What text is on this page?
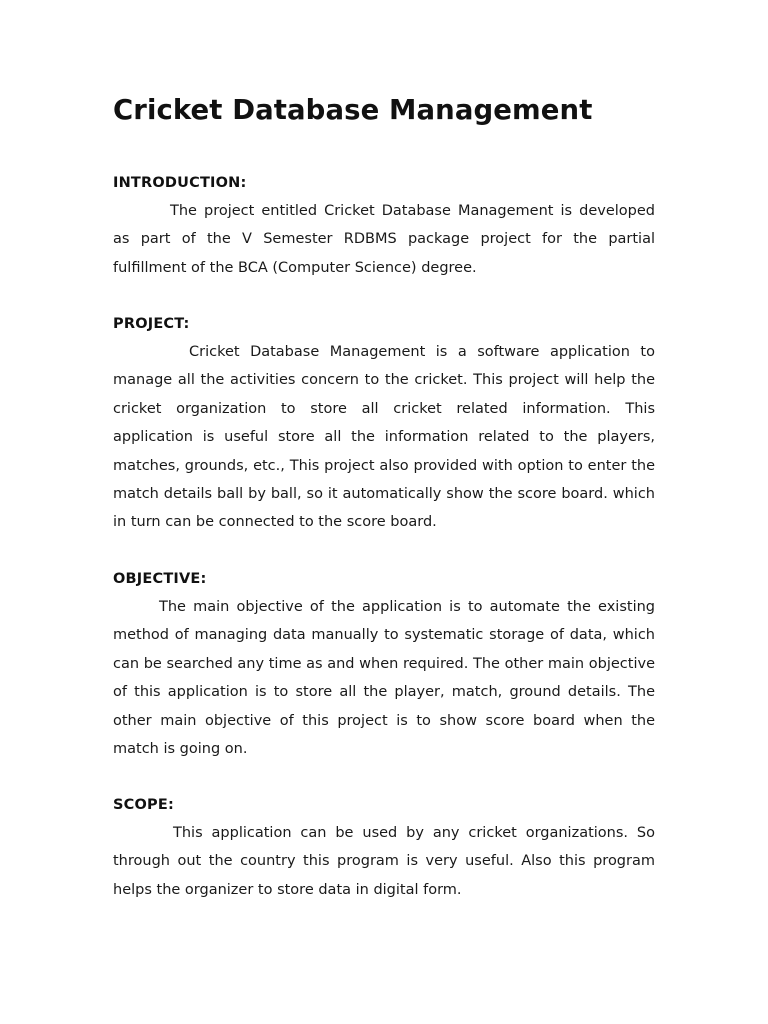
Cricket Database Management
INTRODUCTION:

The project entitled Cricket Database Management is developed as part of the V Semester RDBMS package project for the partial fulfillment of the BCA (Computer Science) degree.

PROJECT:

Cricket Database Management is a software application to manage all the activities concern to the cricket. This project will help the cricket organization to store all cricket related information. This application is useful store all the information related to the players, matches, grounds, etc., This project also provided with option to enter the match details ball by ball, so it automatically show the score board. which in turn can be connected to the score board.

OBJECTIVE:

The main objective of the application is to automate the existing method of managing data manually to systematic storage of data, which can be searched any time as and when required. The other main objective of this application is to store all the player, match, ground details. The other main objective of this project is to show score board when the match is going on.

SCOPE:

This application can be used by any cricket organizations. So through out the country this program is very useful. Also this program helps the organizer to store data in digital form.
